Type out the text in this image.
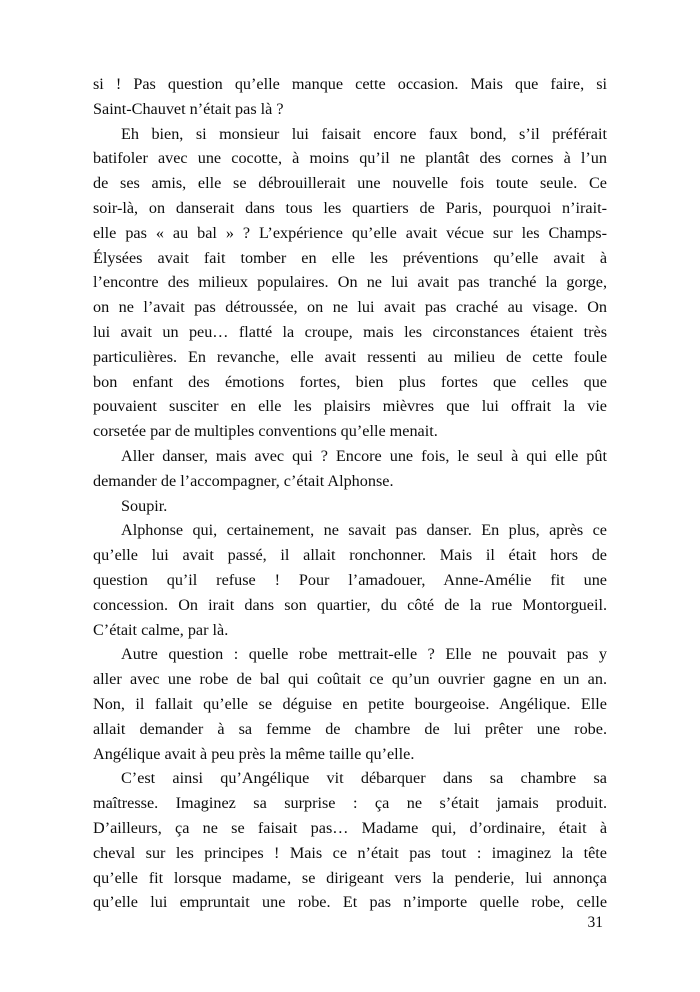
si ! Pas question qu’elle manque cette occasion. Mais que faire, si
Saint-Chauvet n’était pas là ?
Eh bien, si monsieur lui faisait encore faux bond, s’il préférait
batifoler avec une cocotte, à moins qu’il ne plantât des cornes à l’un
de ses amis, elle se débrouillerait une nouvelle fois toute seule. Ce
soir-là, on danserait dans tous les quartiers de Paris, pourquoi n’irait-
elle pas « au bal » ? L’expérience qu’elle avait vécue sur les Champs-
Élysées avait fait tomber en elle les préventions qu’elle avait à
l’encontre des milieux populaires. On ne lui avait pas tranché la gorge,
on ne l’avait pas détroussée, on ne lui avait pas craché au visage. On
lui avait un peu… flatté la croupe, mais les circonstances étaient très
particulières. En revanche, elle avait ressenti au milieu de cette foule
bon enfant des émotions fortes, bien plus fortes que celles que
pouvaient susciter en elle les plaisirs mièvres que lui offrait la vie
corsetée par de multiples conventions qu’elle menait.
Aller danser, mais avec qui ? Encore une fois, le seul à qui elle pût
demander de l’accompagner, c’était Alphonse.
Soupir.
Alphonse qui, certainement, ne savait pas danser. En plus, après ce
qu’elle lui avait passé, il allait ronchonner. Mais il était hors de
question qu’il refuse ! Pour l’amadouer, Anne-Amélie fit une
concession. On irait dans son quartier, du côté de la rue Montorgueil.
C’était calme, par là.
Autre question : quelle robe mettrait-elle ? Elle ne pouvait pas y
aller avec une robe de bal qui coûtait ce qu’un ouvrier gagne en un an.
Non, il fallait qu’elle se déguise en petite bourgeoise. Angélique. Elle
allait demander à sa femme de chambre de lui prêter une robe.
Angélique avait à peu près la même taille qu’elle.
C’est ainsi qu’Angélique vit débarquer dans sa chambre sa
maîtresse. Imaginez sa surprise : ça ne s’était jamais produit.
D’ailleurs, ça ne se faisait pas… Madame qui, d’ordinaire, était à
cheval sur les principes ! Mais ce n’était pas tout : imaginez la tête
qu’elle fit lorsque madame, se dirigeant vers la penderie, lui annonça
qu’elle lui empruntait une robe. Et pas n’importe quelle robe, celle
31
